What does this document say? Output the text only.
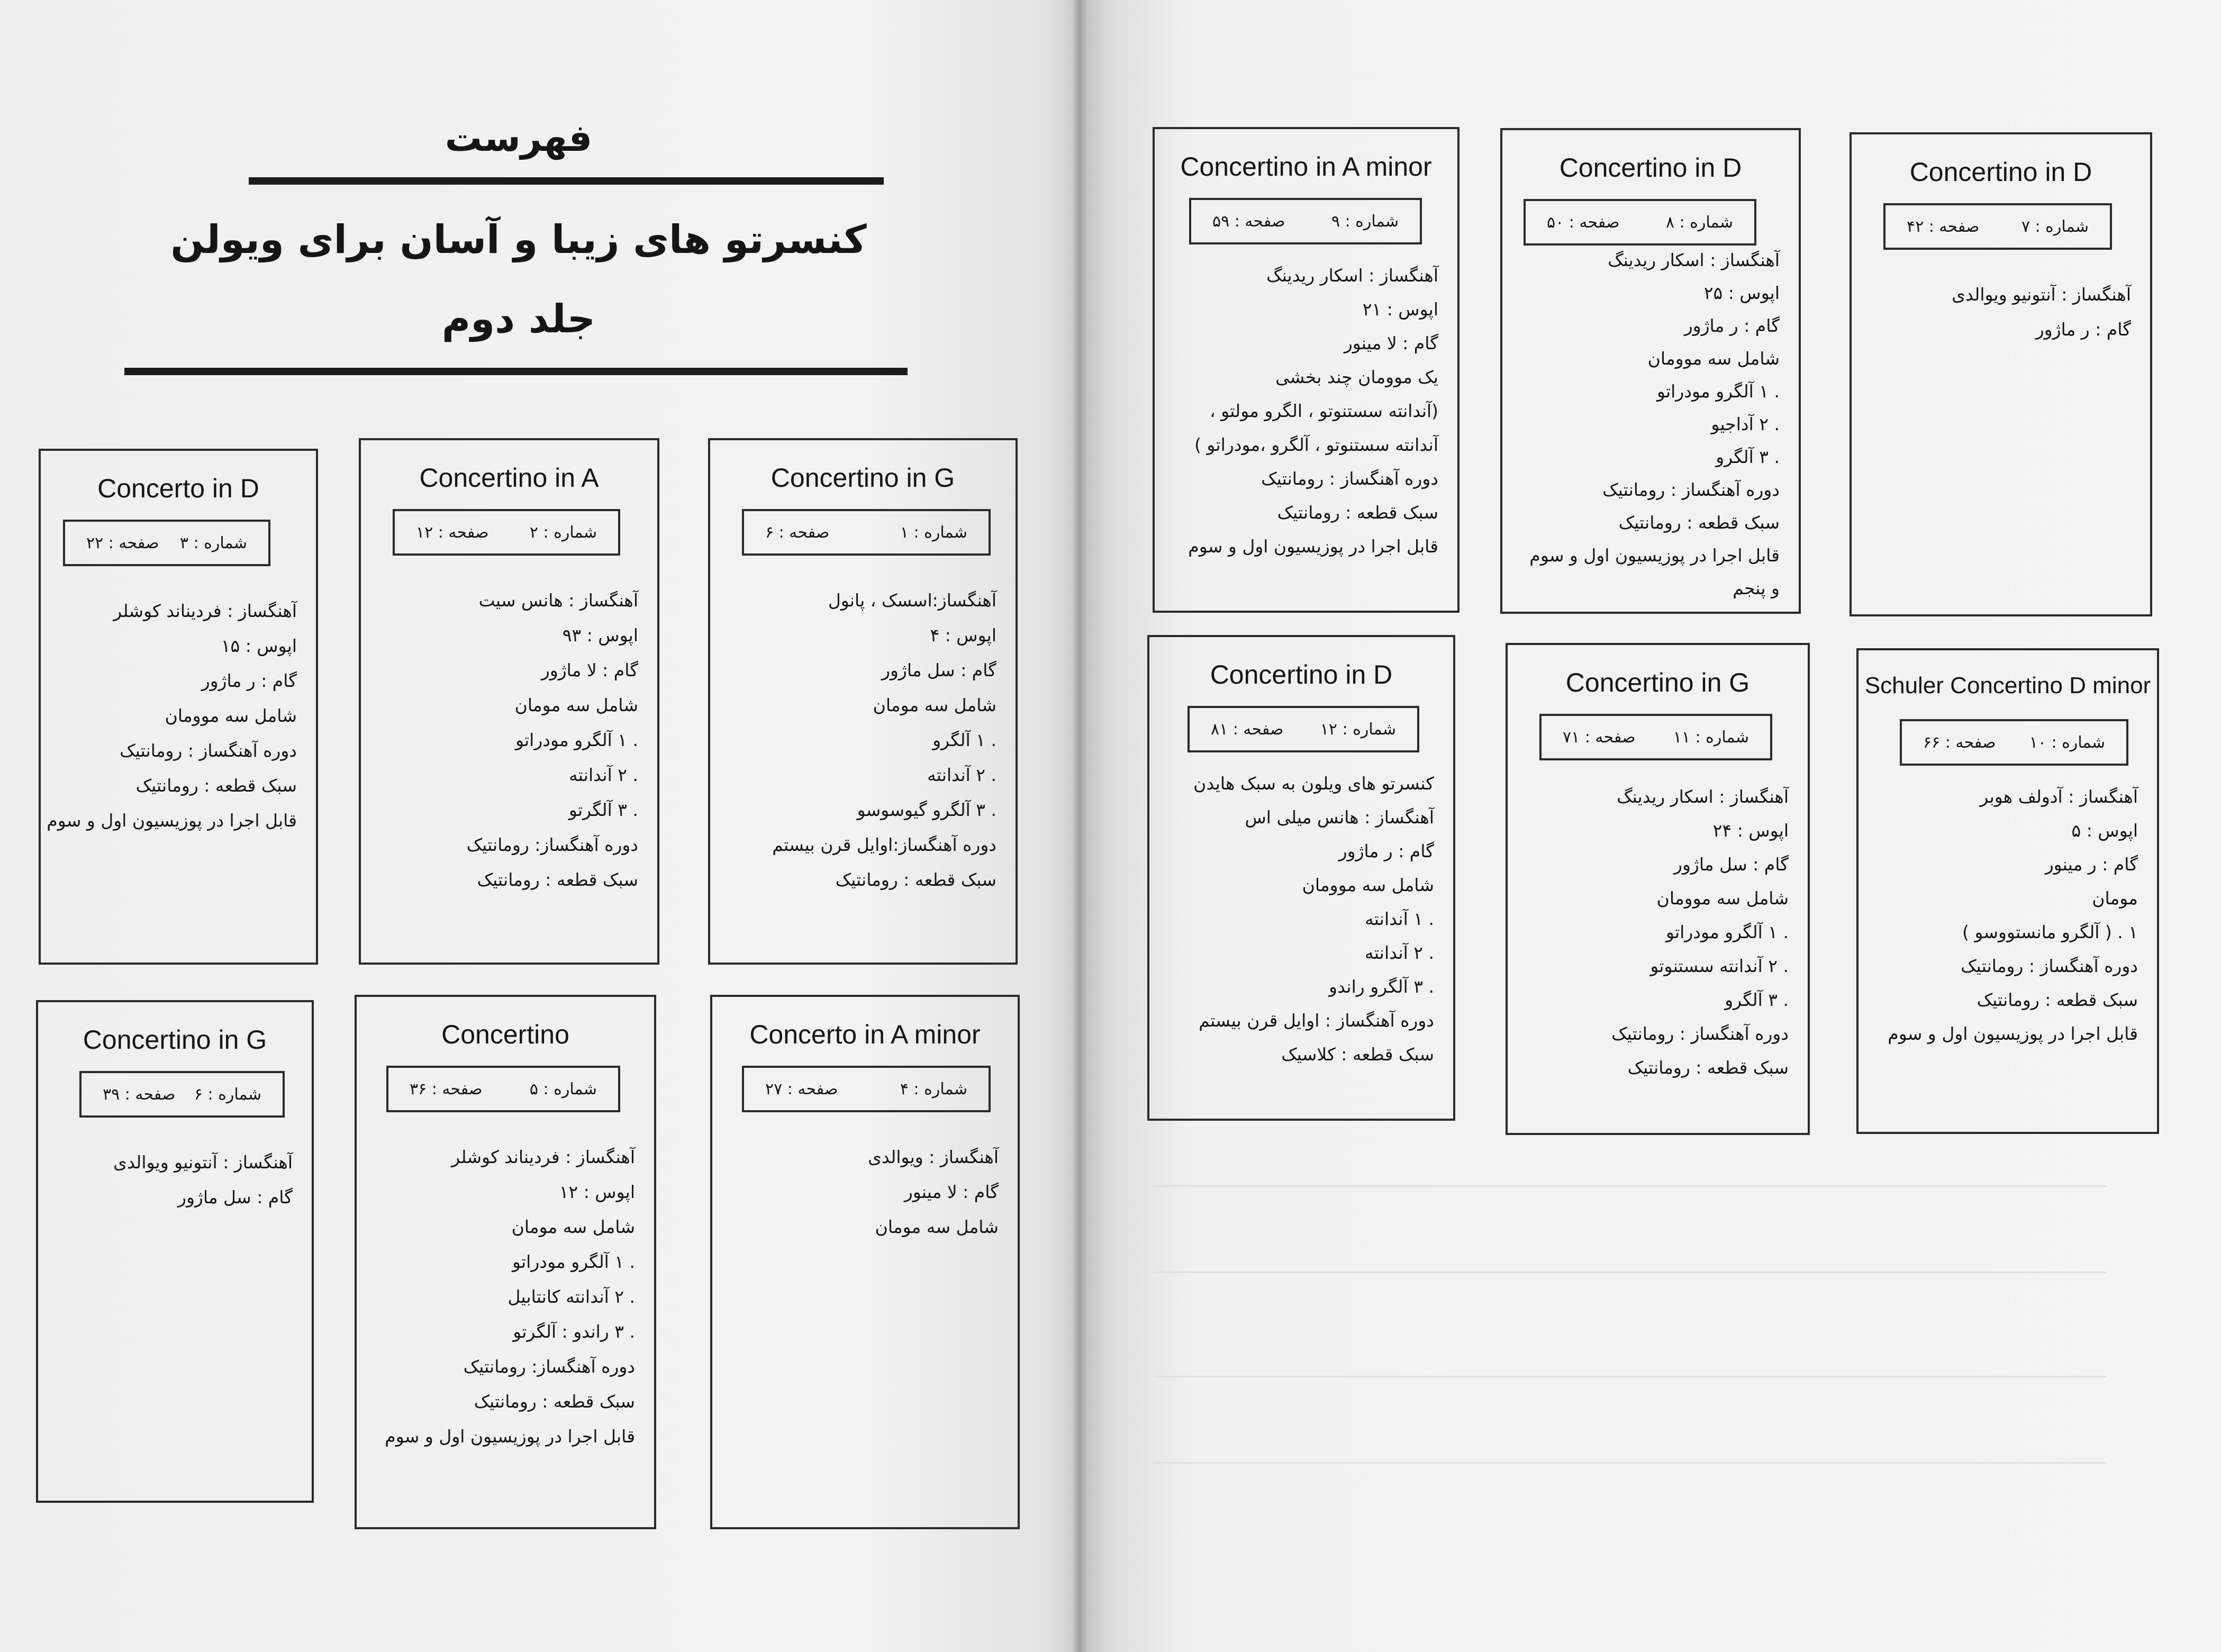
فهرست
کنسرتو های زیبا و آسان برای ویولن
جلد دوم
Concertino in G
شماره : ۱
صفحه : ۶
آهنگساز:اسسک ، پانول
اپوس : ۴
گام : سل ماژور
شامل سه مومان
. ۱ آلگرو
. ۲ آندانته
. ۳ آلگرو گیوسوسو
دوره آهنگساز:اوایل قرن بیستم
سبک قطعه : رومانتیک
Concertino in A
شماره : ۲
صفحه : ۱۲
آهنگساز : هانس سیت
اپوس : ۹۳
گام : لا ماژور
شامل سه مومان
. ۱ آلگرو مودراتو
. ۲ آندانته
. ۳ آلگرتو
دوره آهنگساز: رومانتیک
سبک قطعه : رومانتیک
Concerto in D
شماره : ۳
صفحه : ۲۲
آهنگساز : فردیناند کوشلر
اپوس : ۱۵
گام : ر ماژور
شامل سه موومان
دوره آهنگساز : رومانتیک
سبک قطعه : رومانتیک
قابل اجرا در پوزیسیون اول و سوم
Concerto in A minor
شماره : ۴
صفحه : ۲۷
آهنگساز : ویوالدی
گام : لا مینور
شامل سه مومان
Concertino
شماره : ۵
صفحه : ۳۶
آهنگساز : فردیناند کوشلر
اپوس : ۱۲
شامل سه مومان
. ۱ آلگرو مودراتو
. ۲ آندانته کانتابیل
. ۳ راندو : آلگرتو
دوره آهنگساز: رومانتیک
سبک قطعه : رومانتیک
قابل اجرا در پوزیسیون اول و سوم
Concertino in G
شماره : ۶
صفحه : ۳۹
آهنگساز : آنتونیو ویوالدی
گام : سل ماژور
Concertino in D
شماره : ۷
صفحه : ۴۲
آهنگساز : آنتونیو ویوالدی
گام : ر ماژور
Concertino in D
شماره : ۸
صفحه : ۵۰
آهنگساز : اسکار ریدینگ
اپوس : ۲۵
گام : ر ماژور
شامل سه موومان
. ۱ آلگرو مودراتو
. ۲ آداجیو
. ۳ آلگرو
دوره آهنگساز : رومانتیک
سبک قطعه : رومانتیک
قابل اجرا در پوزیسیون اول و سوم
و پنجم
Concertino in A minor
شماره : ۹
صفحه : ۵۹
آهنگساز : اسکار ریدینگ
اپوس : ۲۱
گام : لا مینور
یک موومان چند بخشی
(آندانته سستنوتو ، الگرو مولتو ،
آندانته سستنوتو ، آلگرو ،مودراتو )
دوره آهنگساز : رومانتیک
سبک قطعه : رومانتیک
قابل اجرا در پوزیسیون اول و سوم
Schuler Concertino D minor
شماره : ۱۰
صفحه : ۶۶
آهنگساز : آدولف هوبر
اپوس : ۵
گام : ر مینور
مومان
۱ . ( آلگرو مانستووسو )
دوره آهنگساز : رومانتیک
سبک قطعه : رومانتیک
قابل اجرا در پوزیسیون اول و سوم
Concertino in G
شماره : ۱۱
صفحه : ۷۱
آهنگساز : اسکار ریدینگ
اپوس : ۲۴
گام : سل ماژور
شامل سه موومان
. ۱ آلگرو مودراتو
. ۲ آندانته سستنوتو
. ۳ آلگرو
دوره آهنگساز : رومانتیک
سبک قطعه : رومانتیک
Concertino in D
شماره : ۱۲
صفحه : ۸۱
کنسرتو های ویلون به سبک هایدن
آهنگساز : هانس میلی اس
گام : ر ماژور
شامل سه موومان
. ۱ آندانته
. ۲ آندانته
. ۳ آلگرو راندو
دوره آهنگساز : اوایل قرن بیستم
سبک قطعه : کلاسیک
